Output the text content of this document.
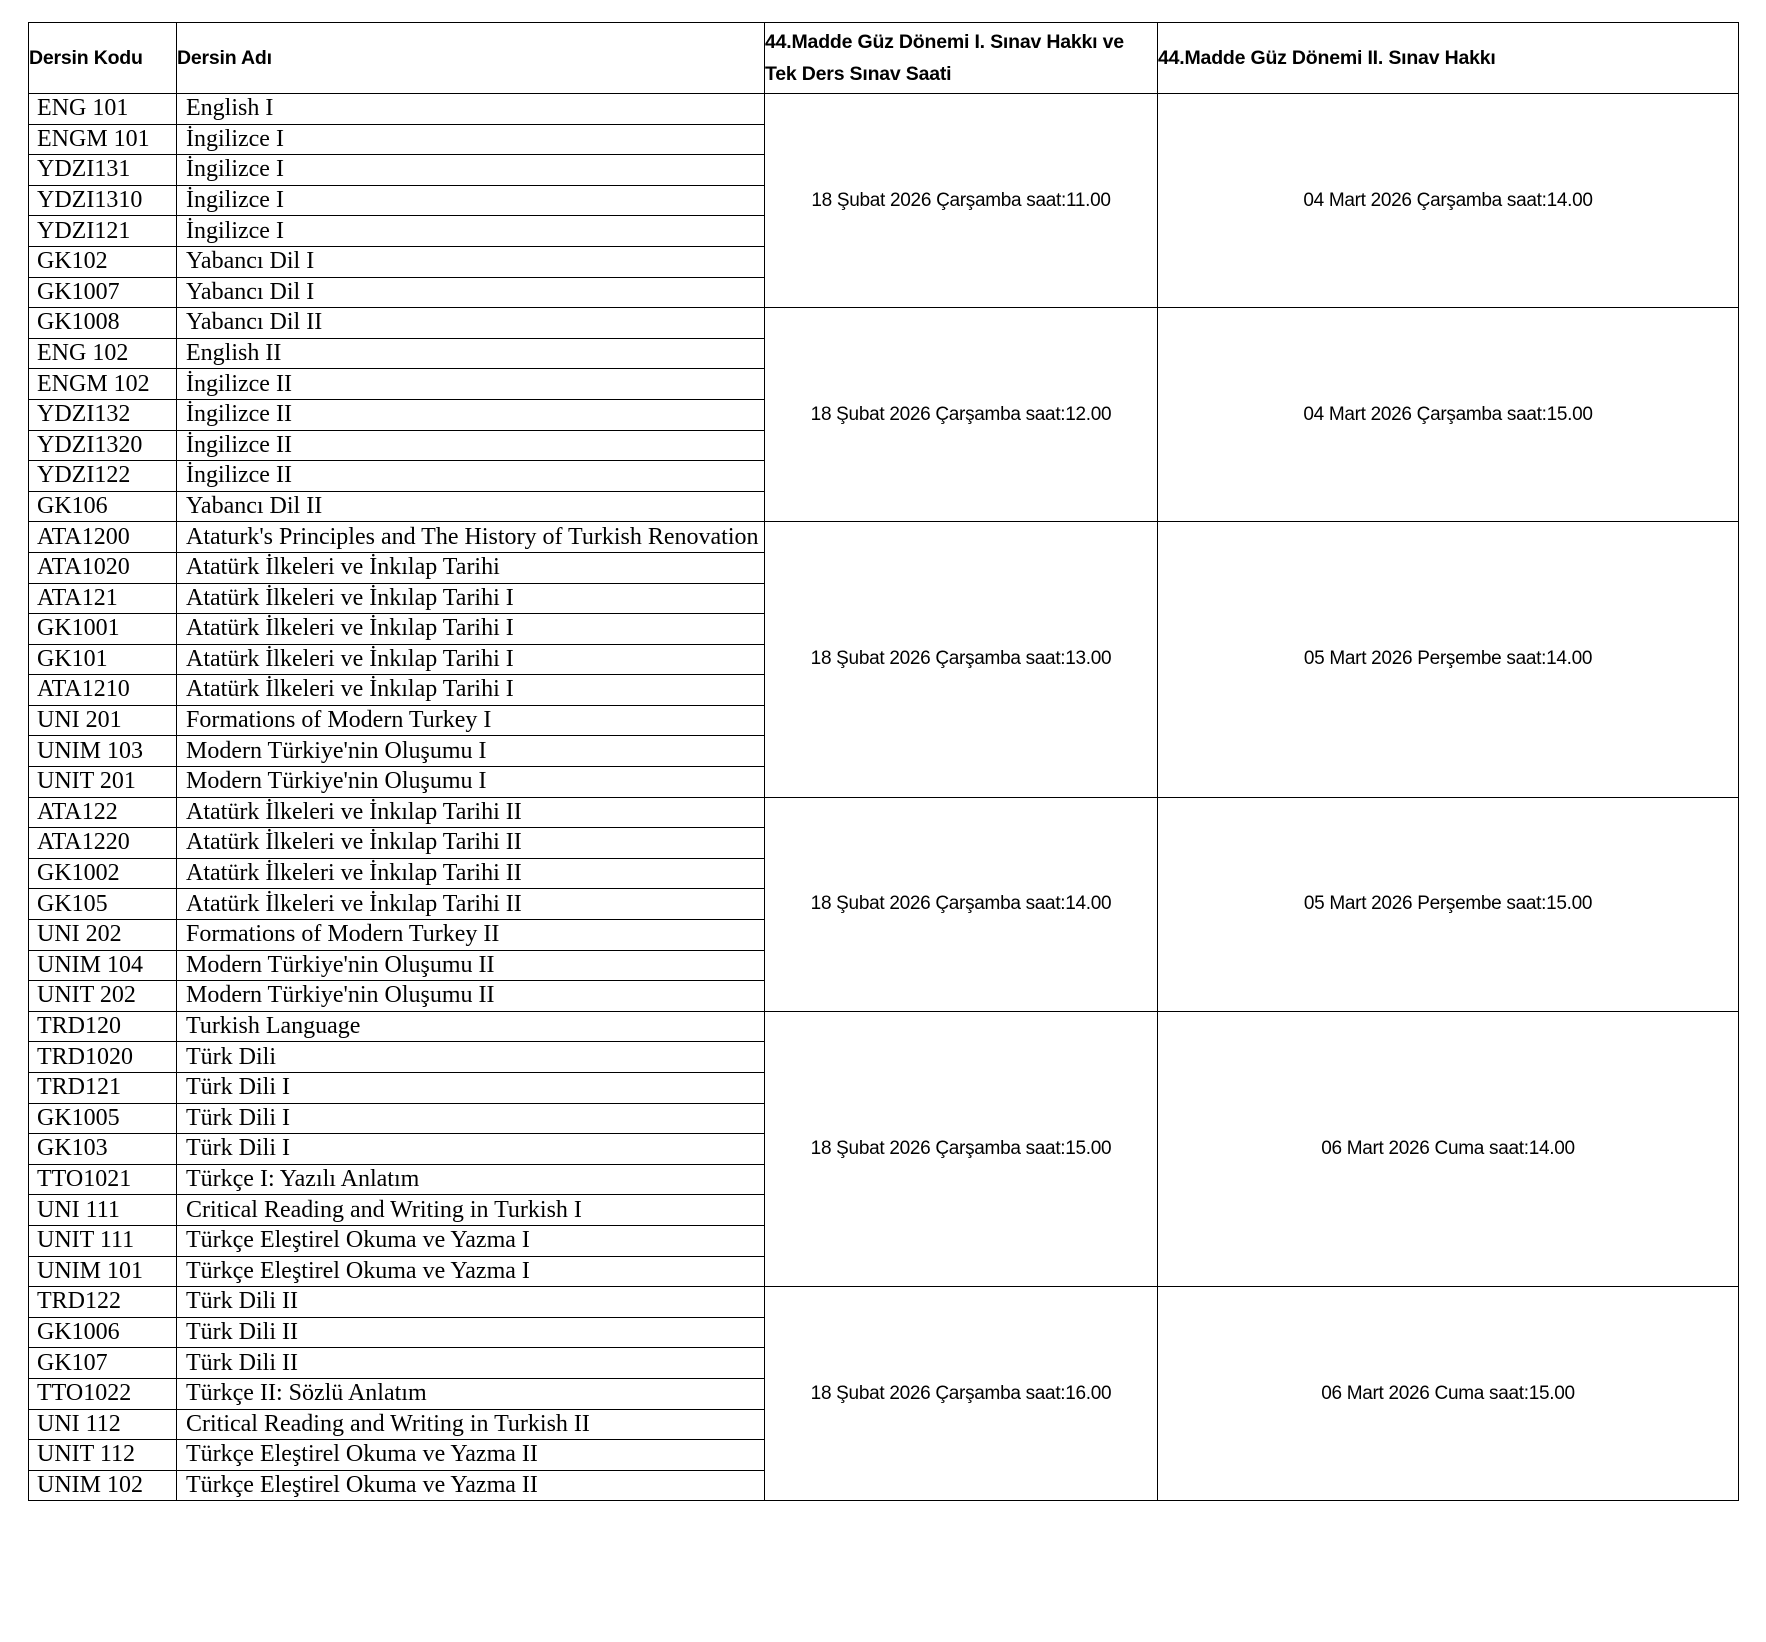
Dersin Kodu	Dersin Adı	44.Madde Güz Dönemi I. Sınav Hakkı ve
Tek Ders Sınav Saati	44.Madde Güz Dönemi II. Sınav Hakkı
ENG 101	English I	18 Şubat 2026 Çarşamba saat:11.00	04 Mart 2026 Çarşamba saat:14.00
ENGM 101	İngilizce I		
YDZI131	İngilizce I		
YDZI1310	İngilizce I		
YDZI121	İngilizce I		
GK102	Yabancı Dil I		
GK1007	Yabancı Dil I		
GK1008	Yabancı Dil II	18 Şubat 2026 Çarşamba saat:12.00	04 Mart 2026 Çarşamba saat:15.00
ENG 102	English II		
ENGM 102	İngilizce II		
YDZI132	İngilizce II		
YDZI1320	İngilizce II		
YDZI122	İngilizce II		
GK106	Yabancı Dil II		
ATA1200	Ataturk's Principles and The History of Turkish Renovation	18 Şubat 2026 Çarşamba saat:13.00	05 Mart 2026 Perşembe saat:14.00
ATA1020	Atatürk İlkeleri ve İnkılap Tarihi		
ATA121	Atatürk İlkeleri ve İnkılap Tarihi I		
GK1001	Atatürk İlkeleri ve İnkılap Tarihi I		
GK101	Atatürk İlkeleri ve İnkılap Tarihi I		
ATA1210	Atatürk İlkeleri ve İnkılap Tarihi I		
UNI 201	Formations of Modern Turkey I		
UNIM 103	Modern Türkiye'nin Oluşumu I		
UNIT 201	Modern Türkiye'nin Oluşumu I		
ATA122	Atatürk İlkeleri ve İnkılap Tarihi II	18 Şubat 2026 Çarşamba saat:14.00	05 Mart 2026 Perşembe saat:15.00
ATA1220	Atatürk İlkeleri ve İnkılap Tarihi II		
GK1002	Atatürk İlkeleri ve İnkılap Tarihi II		
GK105	Atatürk İlkeleri ve İnkılap Tarihi II		
UNI 202	Formations of Modern Turkey II		
UNIM 104	Modern Türkiye'nin Oluşumu II		
UNIT 202	Modern Türkiye'nin Oluşumu II		
TRD120	Turkish Language	18 Şubat 2026 Çarşamba saat:15.00	06 Mart 2026 Cuma saat:14.00
TRD1020	Türk Dili		
TRD121	Türk Dili I		
GK1005	Türk Dili I		
GK103	Türk Dili I		
TTO1021	Türkçe I: Yazılı Anlatım		
UNI 111	Critical Reading and Writing in Turkish I		
UNIT 111	Türkçe Eleştirel Okuma ve Yazma I		
UNIM 101	Türkçe Eleştirel Okuma ve Yazma I		
TRD122	Türk Dili II	18 Şubat 2026 Çarşamba saat:16.00	06 Mart 2026 Cuma saat:15.00
GK1006	Türk Dili II		
GK107	Türk Dili II		
TTO1022	Türkçe II: Sözlü Anlatım		
UNI 112	Critical Reading and Writing in Turkish II		
UNIT 112	Türkçe Eleştirel Okuma ve Yazma II		
UNIM 102	Türkçe Eleştirel Okuma ve Yazma II		
